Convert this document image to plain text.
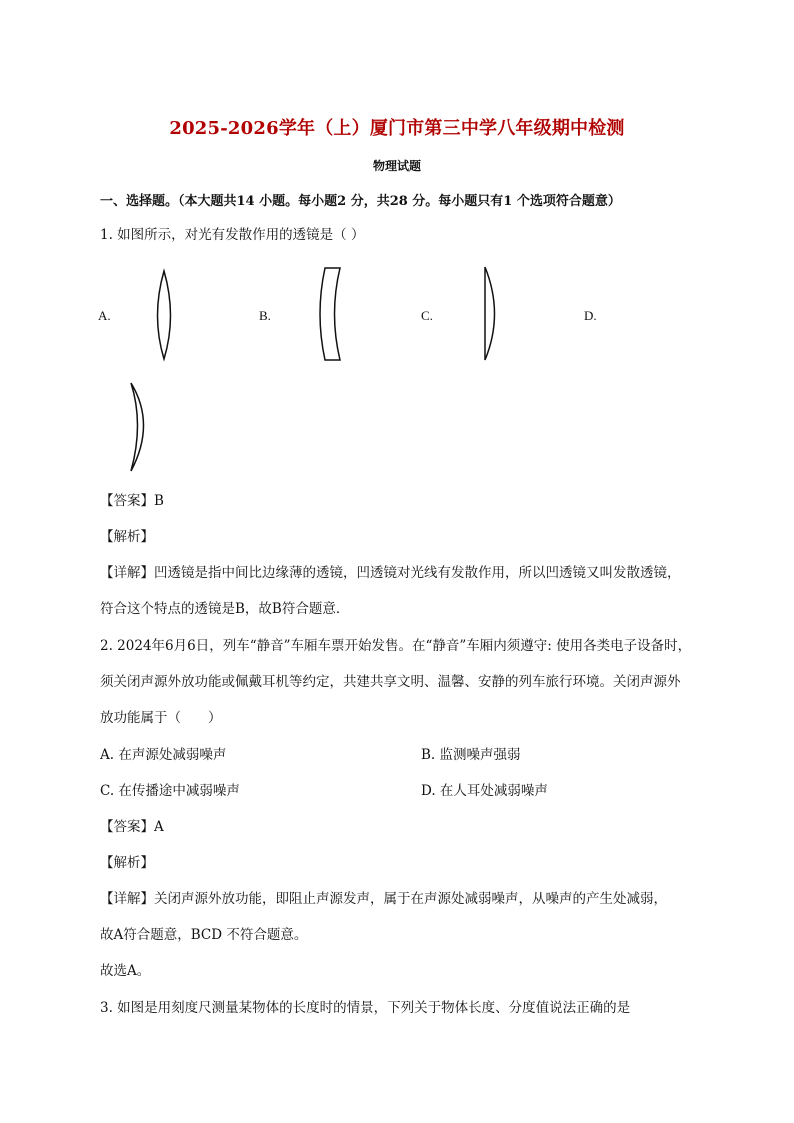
2025-2026学年（上）厦门市第三中学八年级期中检测
物理试题
一、选择题。（本大题共14 小题。每小题2 分，共28 分。每小题只有1 个选项符合题意）
1. 如图所示，对光有发散作用的透镜是（ ）
A.	B.	C.	D.
【答案】B
【解析】
【详解】凹透镜是指中间比边缘薄的透镜，凹透镜对光线有发散作用，所以凹透镜又叫发散透镜，
符合这个特点的透镜是B，故B符合题意．
2. 2024年6月6日，列车“静音”车厢车票开始发售。在“静音”车厢内须遵守: 使用各类电子设备时，
须关闭声源外放功能或佩戴耳机等约定，共建共享文明、温馨、安静的列车旅行环境。关闭声源外
放功能属于（　　）
A. 在声源处减弱噪声	B. 监测噪声强弱
C. 在传播途中减弱噪声	D. 在人耳处减弱噪声
【答案】A
【解析】
【详解】关闭声源外放功能，即阻止声源发声，属于在声源处减弱噪声，从噪声的产生处减弱，
故A符合题意，BCD 不符合题意。
故选A。
3. 如图是用刻度尺测量某物体的长度时的情景，下列关于物体长度、分度值说法正确的是
